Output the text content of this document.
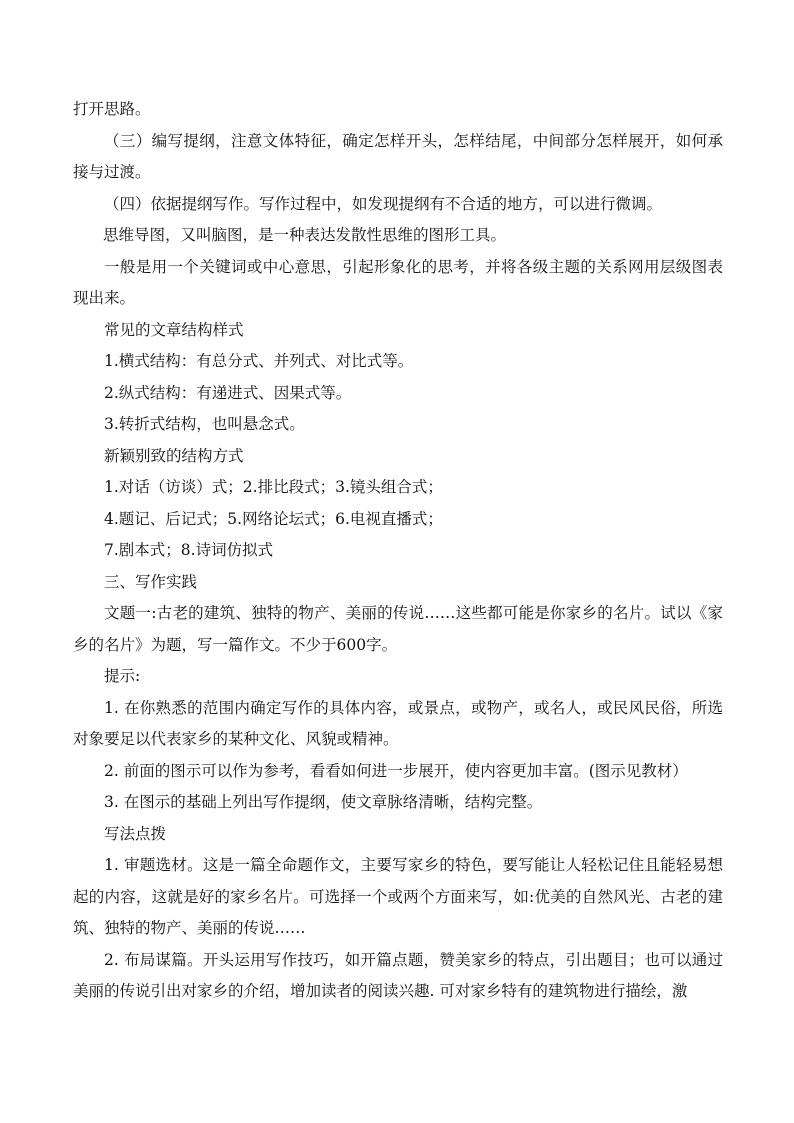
打开思路。

（三）编写提纲，注意文体特征，确定怎样开头，怎样结尾，中间部分怎样展开，如何承接与过渡。

（四）依据提纲写作。写作过程中，如发现提纲有不合适的地方，可以进行微调。

思维导图，又叫脑图，是一种表达发散性思维的图形工具。

一般是用一个关键词或中心意思，引起形象化的思考，并将各级主题的关系网用层级图表现出来。

常见的文章结构样式

1.横式结构：有总分式、并列式、对比式等。

2.纵式结构：有递进式、因果式等。

3.转折式结构，也叫悬念式。

新颖别致的结构方式

1.对话（访谈）式；2.排比段式；3.镜头组合式；

4.题记、后记式；5.网络论坛式；6.电视直播式；

7.剧本式；8.诗词仿拟式

三、写作实践

文题一:古老的建筑、独特的物产、美丽的传说……这些都可能是你家乡的名片。试以《家乡的名片》为题，写一篇作文。不少于600字。

提示:

1. 在你熟悉的范围内确定写作的具体内容，或景点，或物产，或名人，或民风民俗，所选对象要足以代表家乡的某种文化、风貌或精神。

2. 前面的图示可以作为参考，看看如何进一步展开，使内容更加丰富。(图示见教材）

3. 在图示的基础上列出写作提纲，使文章脉络清晰，结构完整。

写法点拨

1. 审题选材。这是一篇全命题作文，主要写家乡的特色，要写能让人轻松记住且能轻易想起的内容，这就是好的家乡名片。可选择一个或两个方面来写，如:优美的自然风光、古老的建筑、独特的物产、美丽的传说……

2. 布局谋篇。开头运用写作技巧，如开篇点题，赞美家乡的特点，引出题目；也可以通过美丽的传说引出对家乡的介绍，增加读者的阅读兴趣. 可对家乡特有的建筑物进行描绘，激
